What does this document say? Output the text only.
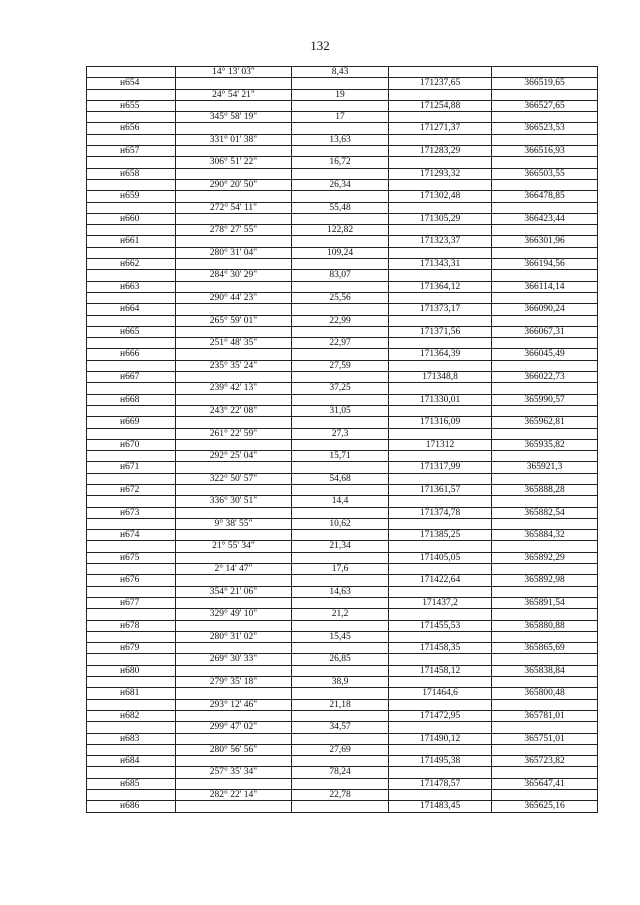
132
	14° 13' 03"	8,43		
н654			171237,65	366519,65
	24° 54' 21"	19		
н655			171254,88	366527,65
	345° 58' 19"	17		
н656			171271,37	366523,53
	331° 01' 38"	13,63		
н657			171283,29	366516,93
	306° 51' 22"	16,72		
н658			171293,32	366503,55
	290° 20' 50"	26,34		
н659			171302,48	366478,85
	272° 54' 11"	55,48		
н660			171305,29	366423,44
	278° 27' 55"	122,82		
н661			171323,37	366301,96
	280° 31' 04"	109,24		
н662			171343,31	366194,56
	284° 30' 29"	83,07		
н663			171364,12	366114,14
	290° 44' 23"	25,56		
н664			171373,17	366090,24
	265° 59' 01"	22,99		
н665			171371,56	366067,31
	251° 48' 35"	22,97		
н666			171364,39	366045,49
	235° 35' 24"	27,59		
н667			171348,8	366022,73
	239° 42' 13"	37,25		
н668			171330,01	365990,57
	243° 22' 08"	31,05		
н669			171316,09	365962,81
	261° 22' 59"	27,3		
н670			171312	365935,82
	292° 25' 04"	15,71		
н671			171317,99	365921,3
	322° 50' 57"	54,68		
н672			171361,57	365888,28
	336° 30' 51"	14,4		
н673			171374,78	365882,54
	9° 38' 55"	10,62		
н674			171385,25	365884,32
	21° 55' 34"	21,34		
н675			171405,05	365892,29
	2° 14' 47"	17,6		
н676			171422,64	365892,98
	354° 21' 06"	14,63		
н677			171437,2	365891,54
	329° 49' 10"	21,2		
н678			171455,53	365880,88
	280° 31' 02"	15,45		
н679			171458,35	365865,69
	269° 30' 33"	26,85		
н680			171458,12	365838,84
	279° 35' 18"	38,9		
н681			171464,6	365800,48
	293° 12' 46"	21,18		
н682			171472,95	365781,01
	299° 47' 02"	34,57		
н683			171490,12	365751,01
	280° 56' 56"	27,69		
н684			171495,38	365723,82
	257° 35' 34"	78,24		
н685			171478,57	365647,41
	282° 22' 14"	22,78		
н686			171483,45	365625,16
